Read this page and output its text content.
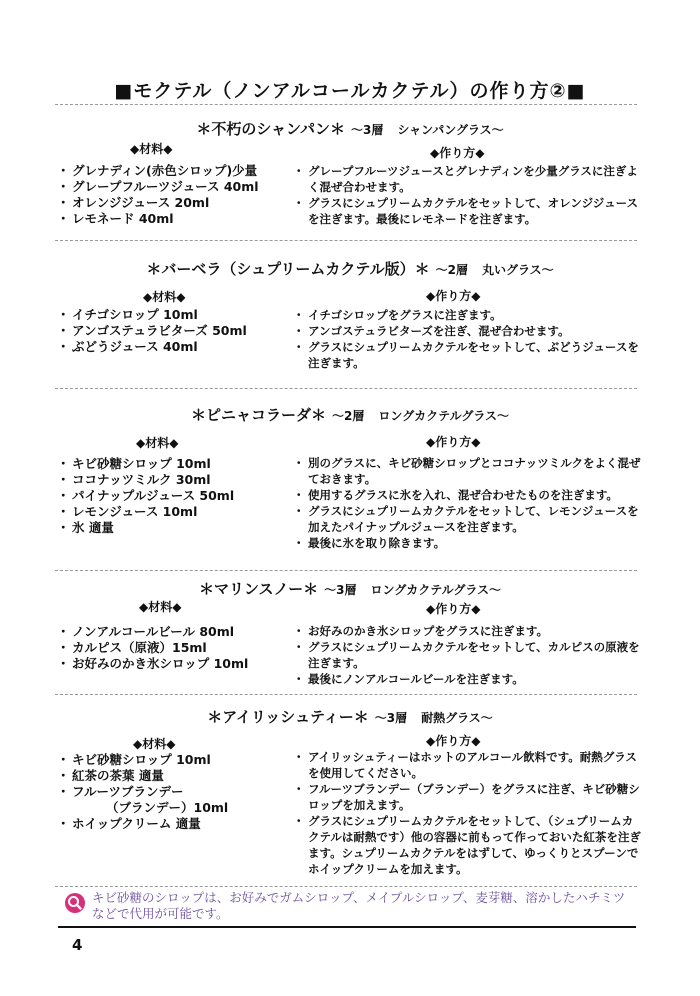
■モクテル（ノンアルコールカクテル）の作り方②■
＊不朽のシャンパン＊ ～3層 シャンパングラス～
◆材料◆	◆作り方◆
・ グレナディン(赤色シロップ)少量
・ グレープフルーツジュース 40ml
・ オレンジジュース 20ml
・ レモネード 40ml
・ グレープフルーツジュースとグレナディンを少量グラスに注ぎよく混ぜ合わせます。
・ グラスにシュプリームカクテルをセットして、オレンジジュースを注ぎます。最後にレモネードを注ぎます。
＊バーベラ（シュプリームカクテル版）＊ ～2層 丸いグラス～
◆材料◆	◆作り方◆
・ イチゴシロップ 10ml
・ アンゴステュラビターズ 50ml
・ ぶどうジュース 40ml
・ イチゴシロップをグラスに注ぎます。
・ アンゴステュラビターズを注ぎ、混ぜ合わせます。
・ グラスにシュプリームカクテルをセットして、ぶどうジュースを注ぎます。
＊ピニャコラーダ＊ ～2層 ロングカクテルグラス～
◆材料◆	◆作り方◆
・ キビ砂糖シロップ 10ml
・ ココナッツミルク 30ml
・ パイナップルジュース 50ml
・ レモンジュース 10ml
・ 氷 適量
・ 別のグラスに、キビ砂糖シロップとココナッツミルクをよく混ぜておきます。
・ 使用するグラスに氷を入れ、混ぜ合わせたものを注ぎます。
・ グラスにシュプリームカクテルをセットして、レモンジュースを加えたパイナップルジュースを注ぎます。
・ 最後に氷を取り除きます。
＊マリンスノー＊ ～3層 ロングカクテルグラス～
◆材料◆	◆作り方◆
・ ノンアルコールビール 80ml
・ カルピス（原液）15ml
・ お好みのかき氷シロップ 10ml
・ お好みのかき氷シロップをグラスに注ぎます。
・ グラスにシュプリームカクテルをセットして、カルピスの原液を注ぎます。
・ 最後にノンアルコールビールを注ぎます。
＊アイリッシュティー＊ ～3層 耐熱グラス～
◆材料◆	◆作り方◆
・ キビ砂糖シロップ 10ml
・ 紅茶の茶葉 適量
・ フルーツブランデー
（ブランデー）10ml
・ ホイップクリーム 適量
・ アイリッシュティーはホットのアルコール飲料です。耐熱グラスを使用してください。
・ フルーツブランデー（ブランデー）をグラスに注ぎ、キビ砂糖シロップを加えます。
・ グラスにシュプリームカクテルをセットして、（シュプリームカクテルは耐熱です）他の容器に前もって作っておいた紅茶を注ぎます。シュプリームカクテルをはずして、ゆっくりとスプーンでホイップクリームを加えます。
キビ砂糖のシロップは、お好みでガムシロップ、メイプルシロップ、麦芽糖、溶かしたハチミツなどで代用が可能です。
4
